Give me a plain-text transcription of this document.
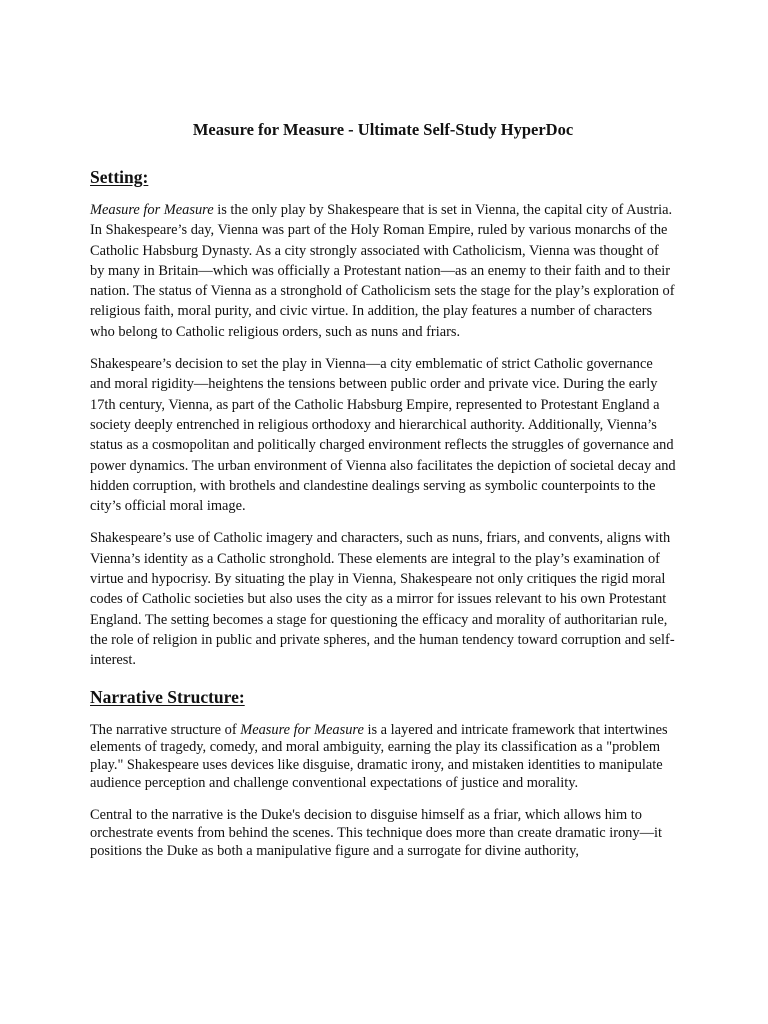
Measure for Measure - Ultimate Self-Study HyperDoc
Setting:

Measure for Measure is the only play by Shakespeare that is set in Vienna, the capital city of Austria. In Shakespeare’s day, Vienna was part of the Holy Roman Empire, ruled by various monarchs of the Catholic Habsburg Dynasty. As a city strongly associated with Catholicism, Vienna was thought of by many in Britain—which was officially a Protestant nation—as an enemy to their faith and to their nation. The status of Vienna as a stronghold of Catholicism sets the stage for the play’s exploration of religious faith, moral purity, and civic virtue. In addition, the play features a number of characters who belong to Catholic religious orders, such as nuns and friars.

Shakespeare’s decision to set the play in Vienna—a city emblematic of strict Catholic governance and moral rigidity—heightens the tensions between public order and private vice. During the early 17th century, Vienna, as part of the Catholic Habsburg Empire, represented to Protestant England a society deeply entrenched in religious orthodoxy and hierarchical authority. Additionally, Vienna’s status as a cosmopolitan and politically charged environment reflects the struggles of governance and power dynamics. The urban environment of Vienna also facilitates the depiction of societal decay and hidden corruption, with brothels and clandestine dealings serving as symbolic counterpoints to the city’s official moral image.

Shakespeare’s use of Catholic imagery and characters, such as nuns, friars, and convents, aligns with Vienna’s identity as a Catholic stronghold. These elements are integral to the play’s examination of virtue and hypocrisy. By situating the play in Vienna, Shakespeare not only critiques the rigid moral codes of Catholic societies but also uses the city as a mirror for issues relevant to his own Protestant England. The setting becomes a stage for questioning the efficacy and morality of authoritarian rule, the role of religion in public and private spheres, and the human tendency toward corruption and self-interest.

Narrative Structure:

The narrative structure of Measure for Measure is a layered and intricate framework that intertwines elements of tragedy, comedy, and moral ambiguity, earning the play its classification as a "problem play." Shakespeare uses devices like disguise, dramatic irony, and mistaken identities to manipulate audience perception and challenge conventional expectations of justice and morality.

Central to the narrative is the Duke's decision to disguise himself as a friar, which allows him to orchestrate events from behind the scenes. This technique does more than create dramatic irony—it positions the Duke as both a manipulative figure and a surrogate for divine authority,
